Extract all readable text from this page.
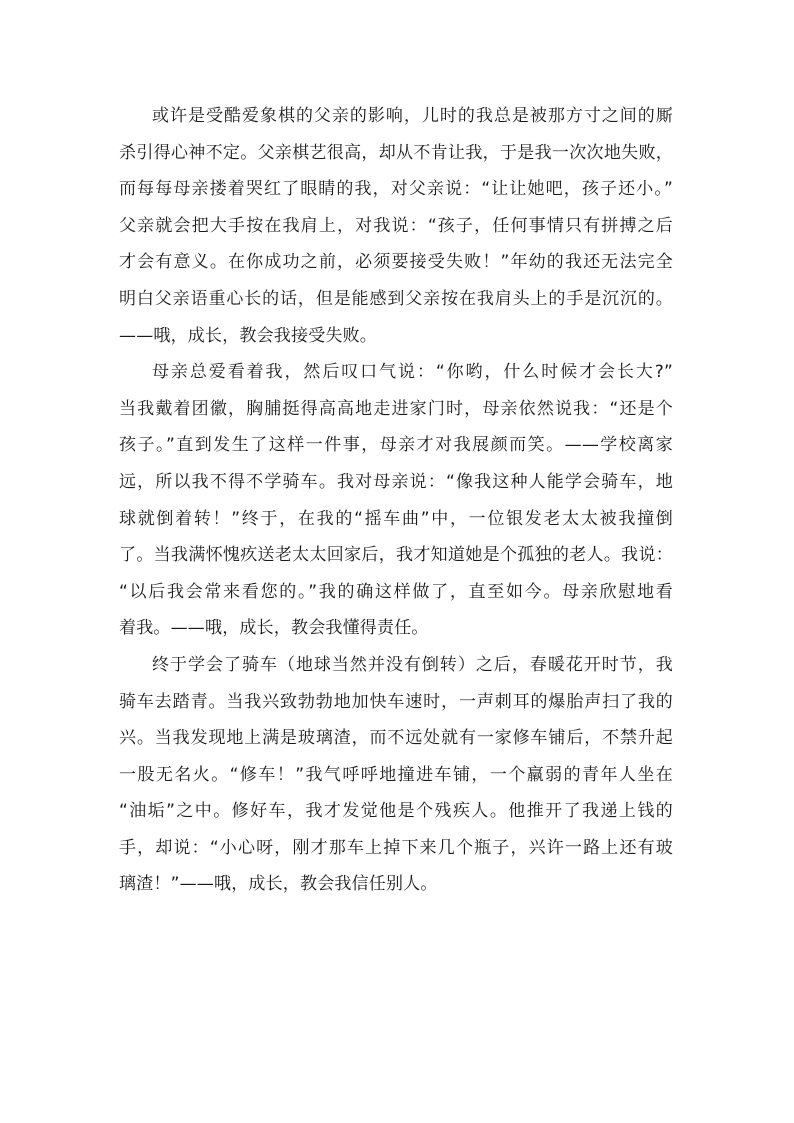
或许是受酷爱象棋的父亲的影响，儿时的我总是被那方寸之间的厮
杀引得心神不定。父亲棋艺很高，却从不肯让我，于是我一次次地失败，
而每每母亲搂着哭红了眼睛的我，对父亲说：“让让她吧，孩子还小。”
父亲就会把大手按在我肩上，对我说：“孩子，任何事情只有拼搏之后
才会有意义。在你成功之前，必须要接受失败！”年幼的我还无法完全
明白父亲语重心长的话，但是能感到父亲按在我肩头上的手是沉沉的。
——哦，成长，教会我接受失败。
母亲总爱看着我，然后叹口气说：“你哟，什么时候才会长大?”
当我戴着团徽，胸脯挺得高高地走进家门时，母亲依然说我：“还是个
孩子。”直到发生了这样一件事，母亲才对我展颜而笑。——学校离家
远，所以我不得不学骑车。我对母亲说：“像我这种人能学会骑车，地
球就倒着转！”终于，在我的“摇车曲”中，一位银发老太太被我撞倒
了。当我满怀愧疚送老太太回家后，我才知道她是个孤独的老人。我说：
“以后我会常来看您的。”我的确这样做了，直至如今。母亲欣慰地看
着我。——哦，成长，教会我懂得责任。
终于学会了骑车（地球当然并没有倒转）之后，春暖花开时节，我
骑车去踏青。当我兴致勃勃地加快车速时，一声刺耳的爆胎声扫了我的
兴。当我发现地上满是玻璃渣，而不远处就有一家修车铺后，不禁升起
一股无名火。“修车！”我气呼呼地撞进车铺，一个羸弱的青年人坐在
“油垢”之中。修好车，我才发觉他是个残疾人。他推开了我递上钱的
手，却说：“小心呀，刚才那车上掉下来几个瓶子，兴许一路上还有玻
璃渣！”——哦，成长，教会我信任别人。
